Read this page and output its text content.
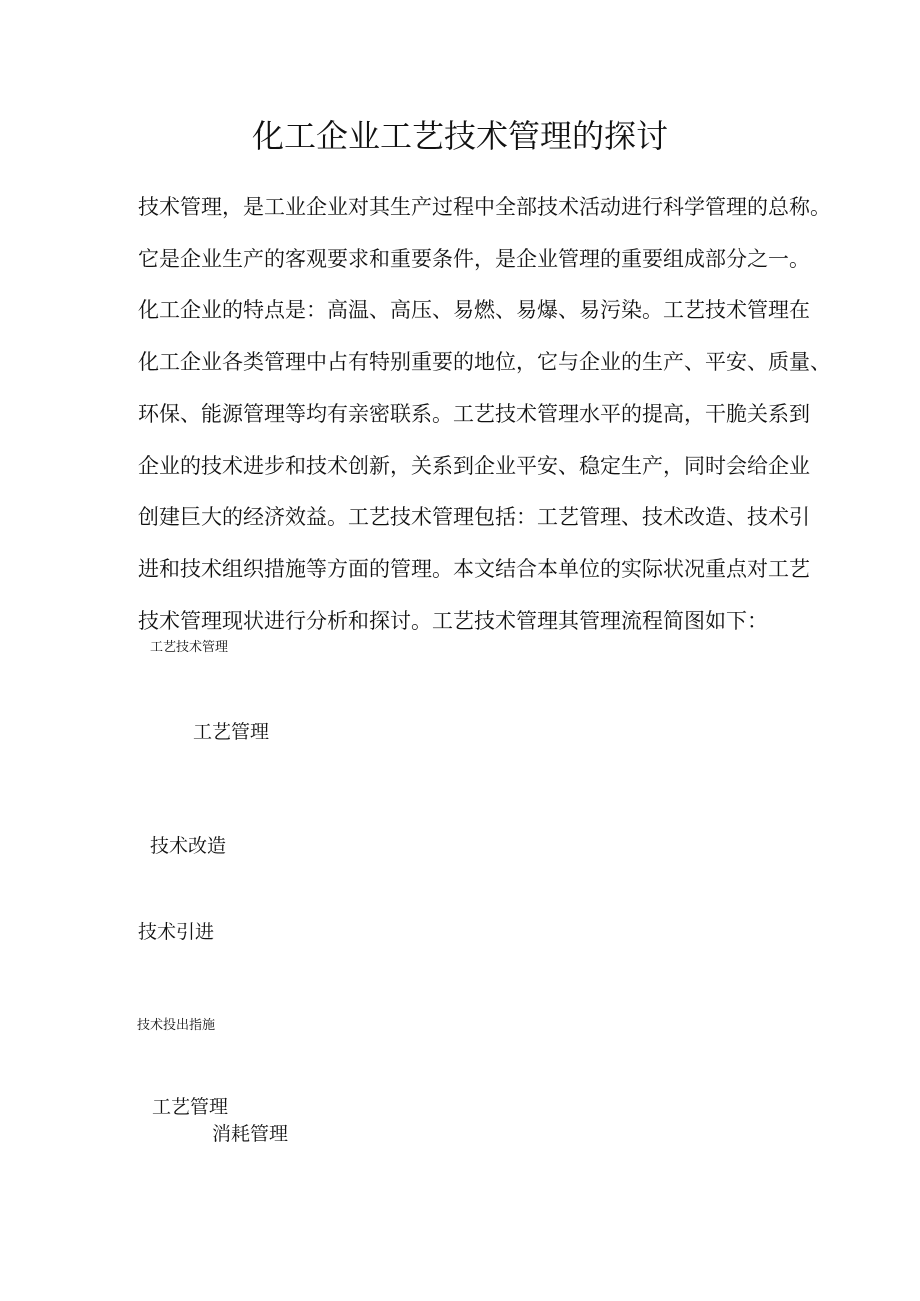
化工企业工艺技术管理的探讨
技术管理，是工业企业对其生产过程中全部技术活动进行科学管理的总称。
它是企业生产的客观要求和重要条件，是企业管理的重要组成部分之一。
化工企业的特点是：高温、高压、易燃、易爆、易污染。工艺技术管理在
化工企业各类管理中占有特别重要的地位，它与企业的生产、平安、质量、
环保、能源管理等均有亲密联系。工艺技术管理水平的提高，干脆关系到
企业的技术进步和技术创新，关系到企业平安、稳定生产，同时会给企业
创建巨大的经济效益。工艺技术管理包括：工艺管理、技术改造、技术引
进和技术组织措施等方面的管理。本文结合本单位的实际状况重点对工艺
技术管理现状进行分析和探讨。工艺技术管理其管理流程简图如下：
工艺技术管理
工艺管理
技术改造
技术引进
技术投出指施
工艺管理
消耗管理
